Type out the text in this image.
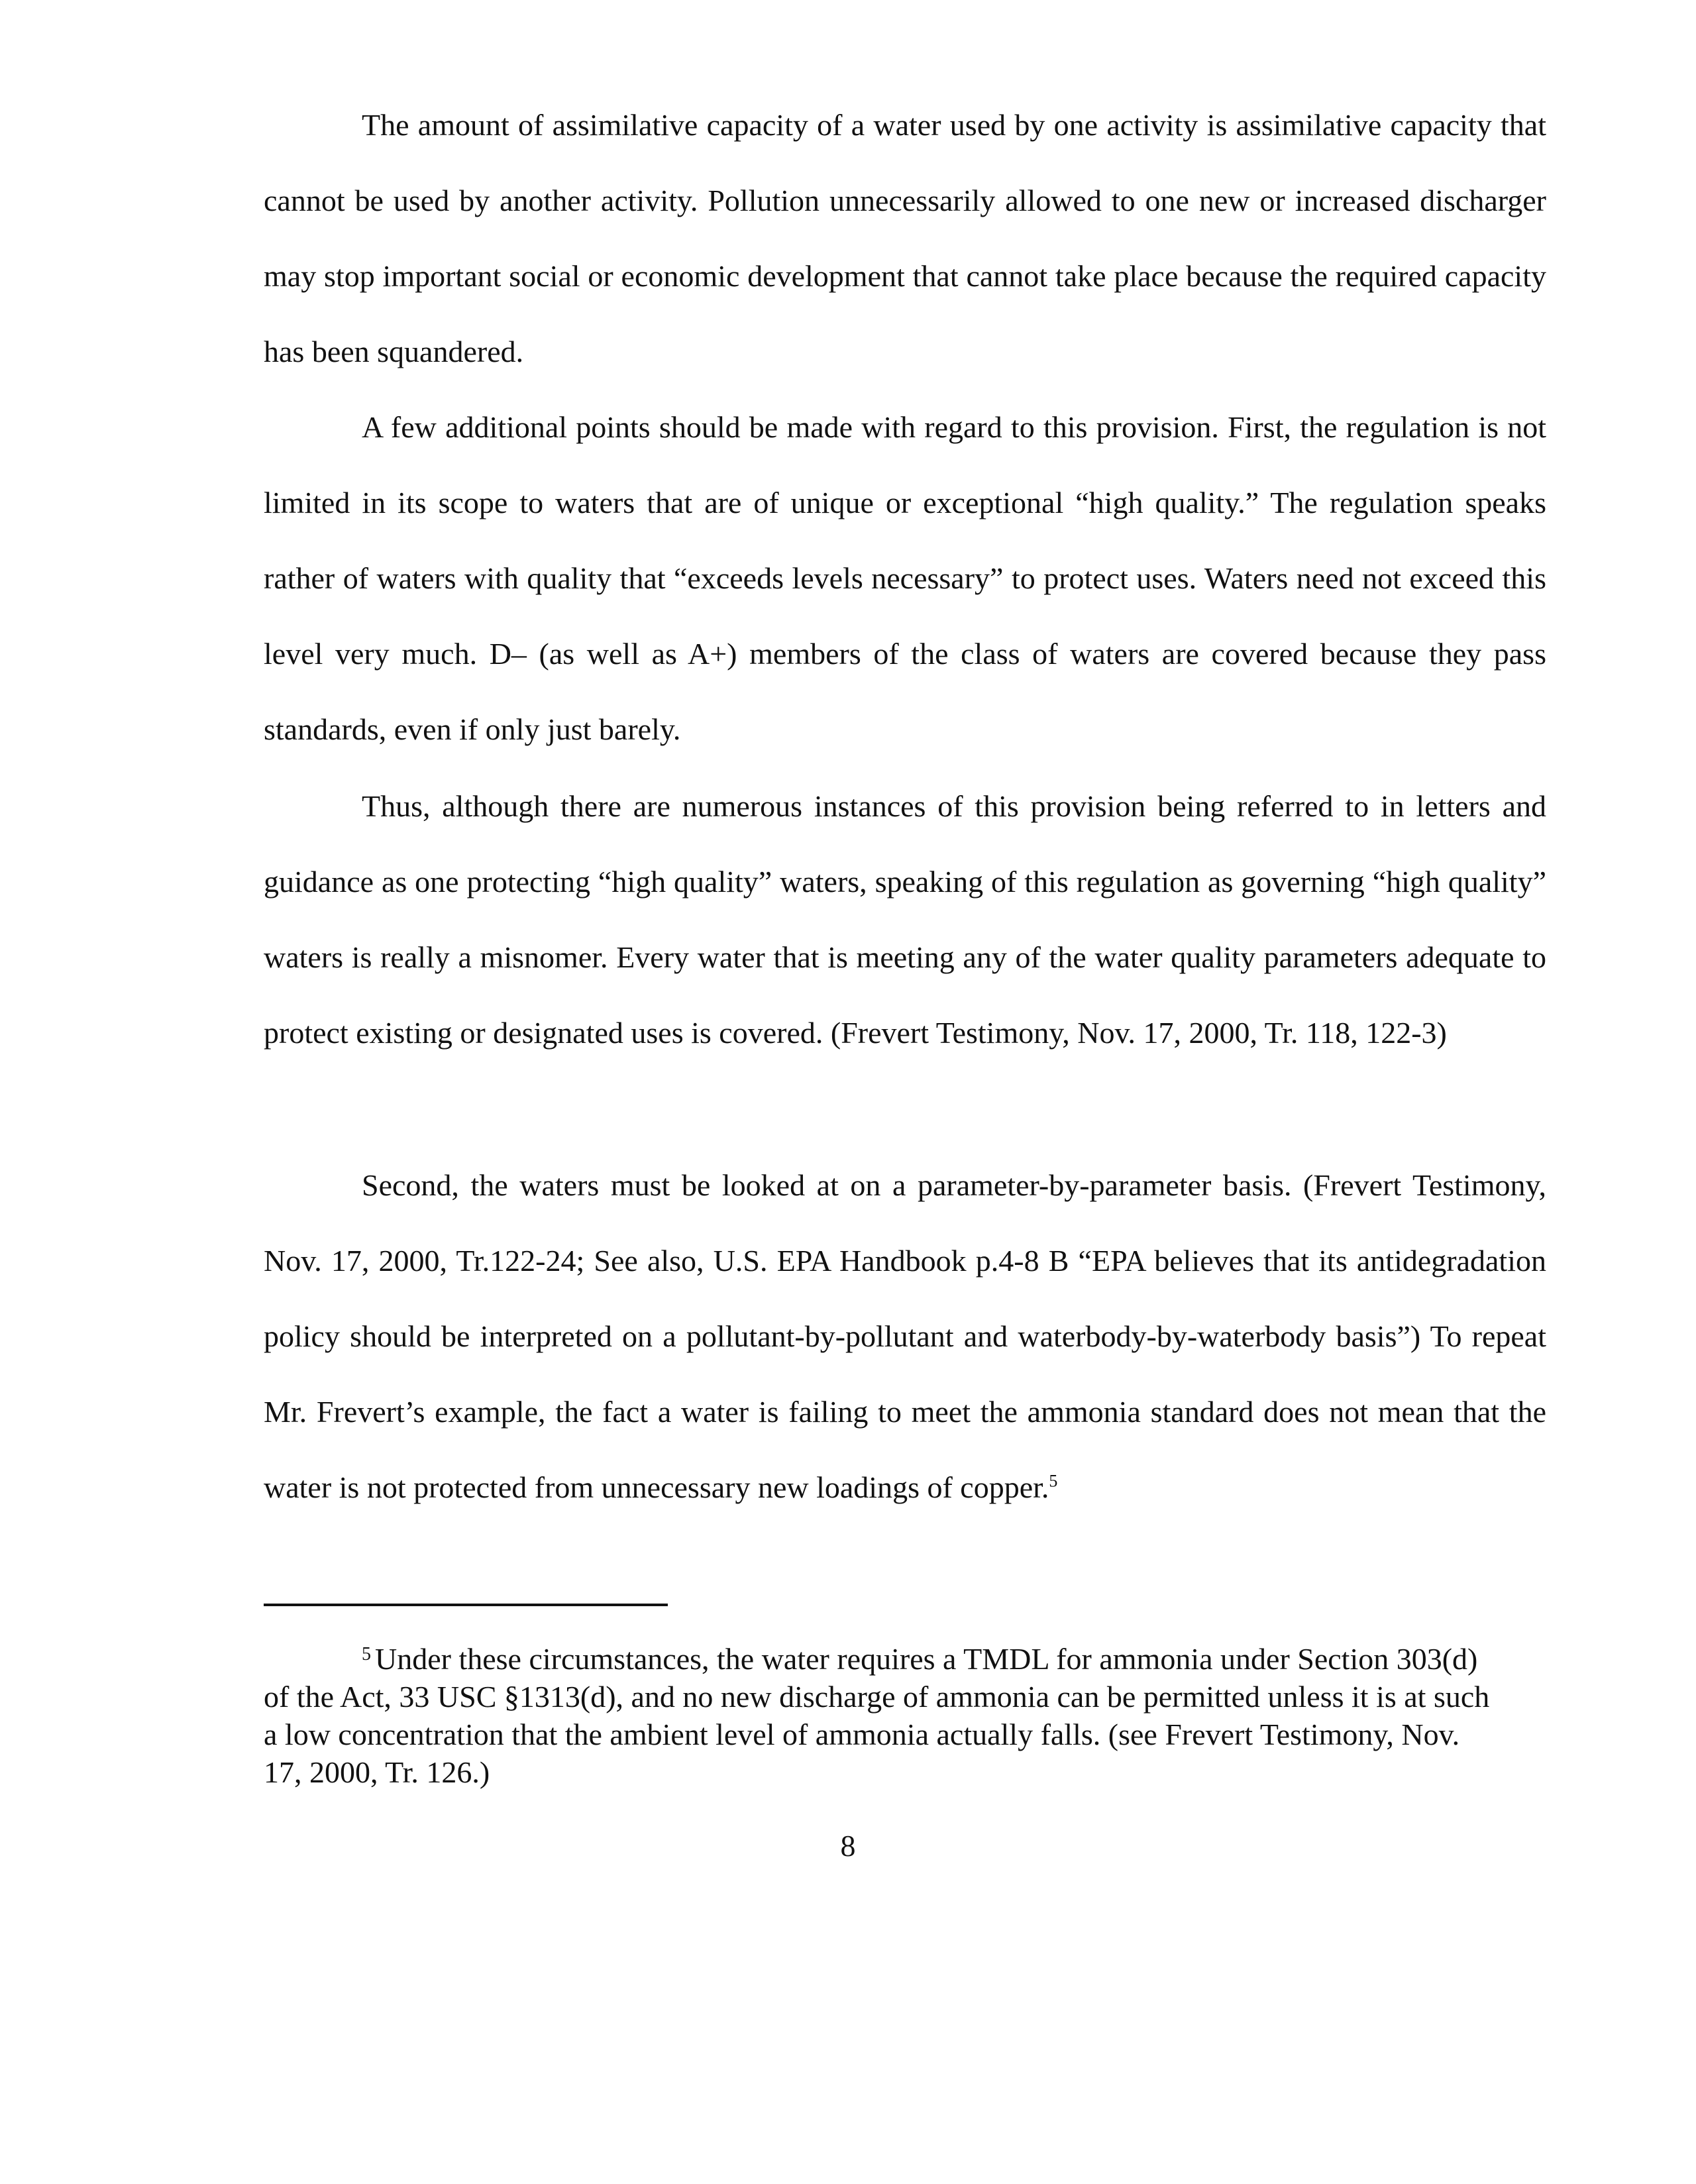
The amount of assimilative capacity of a water used by one activity is assimilative capacity that cannot be used by another activity. Pollution unnecessarily allowed to one new or increased discharger may stop important social or economic development that cannot take place because the required capacity has been squandered.

A few additional points should be made with regard to this provision. First, the regulation is not limited in its scope to waters that are of unique or exceptional “high quality.” The regulation speaks rather of waters with quality that “exceeds levels necessary” to protect uses. Waters need not exceed this level very much. D– (as well as A+) members of the class of waters are covered because they pass standards, even if only just barely.

Thus, although there are numerous instances of this provision being referred to in letters and guidance as one protecting “high quality” waters, speaking of this regulation as governing “high quality” waters is really a misnomer. Every water that is meeting any of the water quality parameters adequate to protect existing or designated uses is covered. (Frevert Testimony, Nov. 17, 2000, Tr. 118, 122-3)

Second, the waters must be looked at on a parameter-by-parameter basis. (Frevert Testimony, Nov. 17, 2000, Tr.122-24; See also, U.S. EPA Handbook p.4-8 B “EPA believes that its antidegradation policy should be interpreted on a pollutant-by-pollutant and waterbody-by-waterbody basis”) To repeat Mr. Frevert’s example, the fact a water is failing to meet the ammonia standard does not mean that the water is not protected from unnecessary new loadings of copper.$^5$

5 Under these circumstances, the water requires a TMDL for ammonia under Section 303(d) of the Act, 33 USC §1313(d), and no new discharge of ammonia can be permitted unless it is at such a low concentration that the ambient level of ammonia actually falls. (see Frevert Testimony, Nov. 17, 2000, Tr. 126.)

8
